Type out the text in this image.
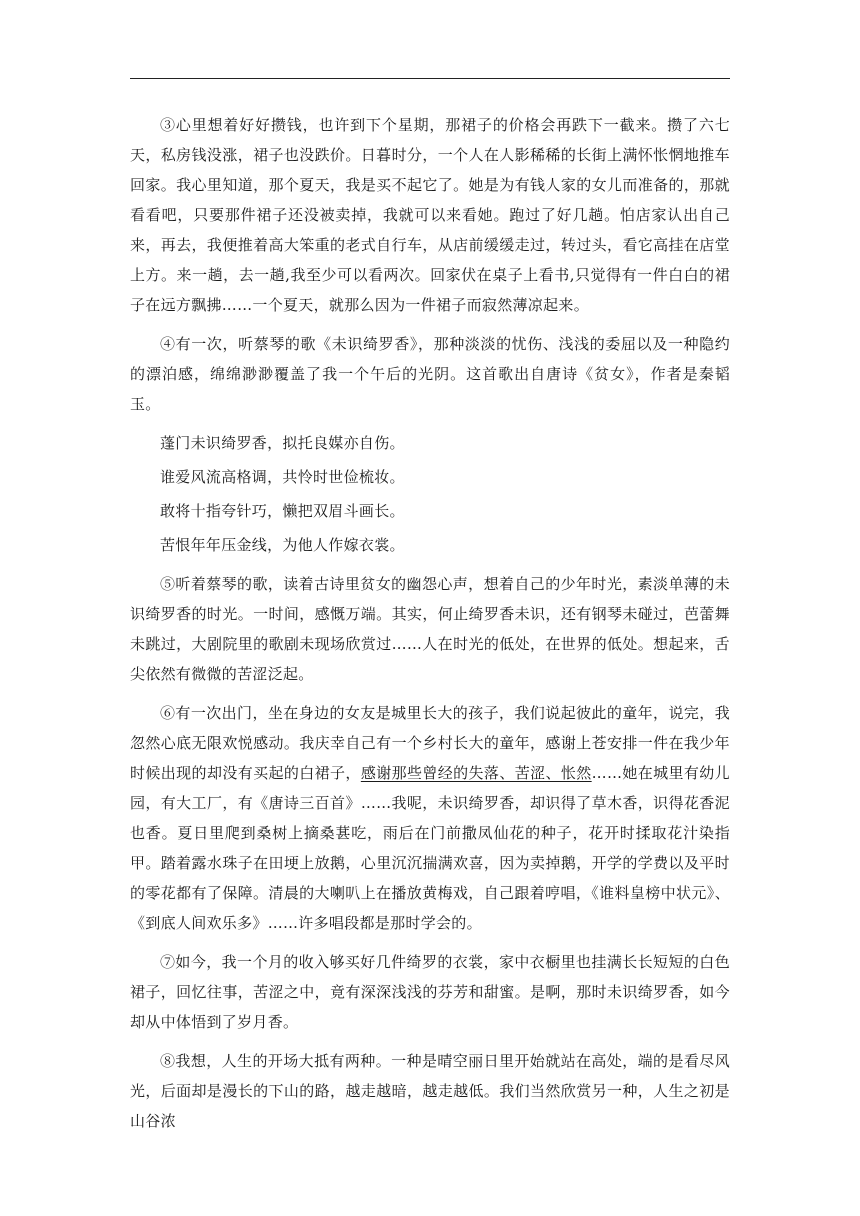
③心里想着好好攒钱，也许到下个星期，那裙子的价格会再跌下一截来。攒了六七天，私房钱没涨，裙子也没跌价。日暮时分，一个人在人影稀稀的长街上满怀怅惘地推车回家。我心里知道，那个夏天，我是买不起它了。她是为有钱人家的女儿而准备的，那就看看吧，只要那件裙子还没被卖掉，我就可以来看她。跑过了好几趟。怕店家认出自己来，再去，我便推着高大笨重的老式自行车，从店前缓缓走过，转过头，看它高挂在店堂上方。来一趟，去一趟,我至少可以看两次。回家伏在桌子上看书,只觉得有一件白白的裙子在远方飘拂……一个夏天，就那么因为一件裙子而寂然薄凉起来。

④有一次，听蔡琴的歌《未识绮罗香》，那种淡淡的忧伤、浅浅的委屈以及一种隐约的漂泊感，绵绵渺渺覆盖了我一个午后的光阴。这首歌出自唐诗《贫女》，作者是秦韬玉。

蓬门未识绮罗香，拟托良媒亦自伤。

谁爱风流高格调，共怜时世俭梳妆。

敢将十指夸针巧，懒把双眉斗画长。

苦恨年年压金线，为他人作嫁衣裳。

⑤听着蔡琴的歌，读着古诗里贫女的幽怨心声，想着自己的少年时光，素淡单薄的未识绮罗香的时光。一时间，感慨万端。其实，何止绮罗香未识，还有钢琴未碰过，芭蕾舞未跳过，大剧院里的歌剧未现场欣赏过……人在时光的低处，在世界的低处。想起来，舌尖依然有微微的苦涩泛起。

⑥有一次出门，坐在身边的女友是城里长大的孩子，我们说起彼此的童年，说完，我忽然心底无限欢悦感动。我庆幸自己有一个乡村长大的童年，感谢上苍安排一件在我少年时候出现的却没有买起的白裙子，感谢那些曾经的失落、苦涩、怅然……她在城里有幼儿园，有大工厂，有《唐诗三百首》……我呢，未识绮罗香，却识得了草木香，识得花香泥也香。夏日里爬到桑树上摘桑葚吃，雨后在门前撒凤仙花的种子，花开时揉取花汁染指甲。踏着露水珠子在田埂上放鹅，心里沉沉揣满欢喜，因为卖掉鹅，开学的学费以及平时的零花都有了保障。清晨的大喇叭上在播放黄梅戏，自己跟着哼唱，《谁料皇榜中状元》、《到底人间欢乐多》……许多唱段都是那时学会的。

⑦如今，我一个月的收入够买好几件绮罗的衣裳，家中衣橱里也挂满长长短短的白色裙子，回忆往事，苦涩之中，竟有深深浅浅的芬芳和甜蜜。是啊，那时未识绮罗香，如今却从中体悟到了岁月香。

⑧我想，人生的开场大抵有两种。一种是晴空丽日里开始就站在高处，端的是看尽风光，后面却是漫长的下山的路，越走越暗，越走越低。我们当然欣赏另一种，人生之初是山谷浓
